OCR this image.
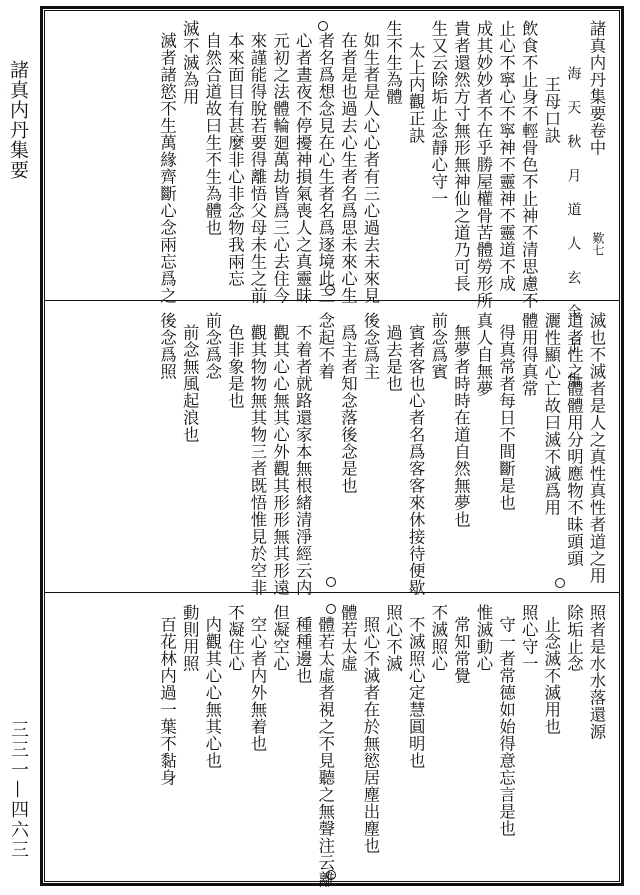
諸真内丹集要

三三一—四六三
諸真内丹集要卷中
海　天　秋　月　道　人　玄　全　子　集
王母口訣
飲食不止身不輕骨色不止神不清思慮不
止心不寧心不寧神不靈神不靈道不成
成其妙妙者不在乎勝屋權骨苦體勞形所
貴者還然方寸無形無神仙之道乃可長
生又云除垢止念靜心守一
太上内觀正訣
生不生為體
如生者是人心心者有三心過去未來見
在者是也過去心生者名爲思未來心生
者名爲想念見在心生者名爲逐境此三
心者晝夜不停擾神損氣喪人之真靈昧
元初之法體輪廻萬劫皆爲三心去住今
來謹能得脫若要得離悟父母未生之前
本來面目有甚麼非心非念物我兩忘
自然合道故曰生不生為體也
滅不滅為用
滅者諸慾不生萬緣齊斷心念兩忘爲之
滅也不滅者是人之真性真性者道之用
道者性之體體用分明應物不昧頭頭
灑性顯心亡故曰滅不滅爲用
體用得真常
得真常者每日不間斷是也
真人自無夢
無夢者時時在道自然無夢也
前念爲賓
賓者客也心者名爲客客來休接待便歇
過去是也
後念爲主
爲主者知念落後念是也
念起不着
不着者就路還家本無根緒清淨經云内
觀其心心無其心外觀其形形無其形遠
觀其物物無其物三者既悟惟見於空非
色非象是也
前念爲念
前念無風起浪也
後念爲照
照者是水水落還源
除垢止念
止念滅不滅用也
照心守一
守一者常德如始得意忘言是也
惟滅動心
常知常覺
不滅照心
不滅照心定慧圓明也
照心不滅
照心不滅者在於無慾居塵出塵也
體若太虛
體若太虛者視之不見聽之無聲注云離
種種邊也
但凝空心
空心者内外無着也
不凝住心
内觀其心心無其心也
動則用照
百花林内過一葉不黏身
歎七
